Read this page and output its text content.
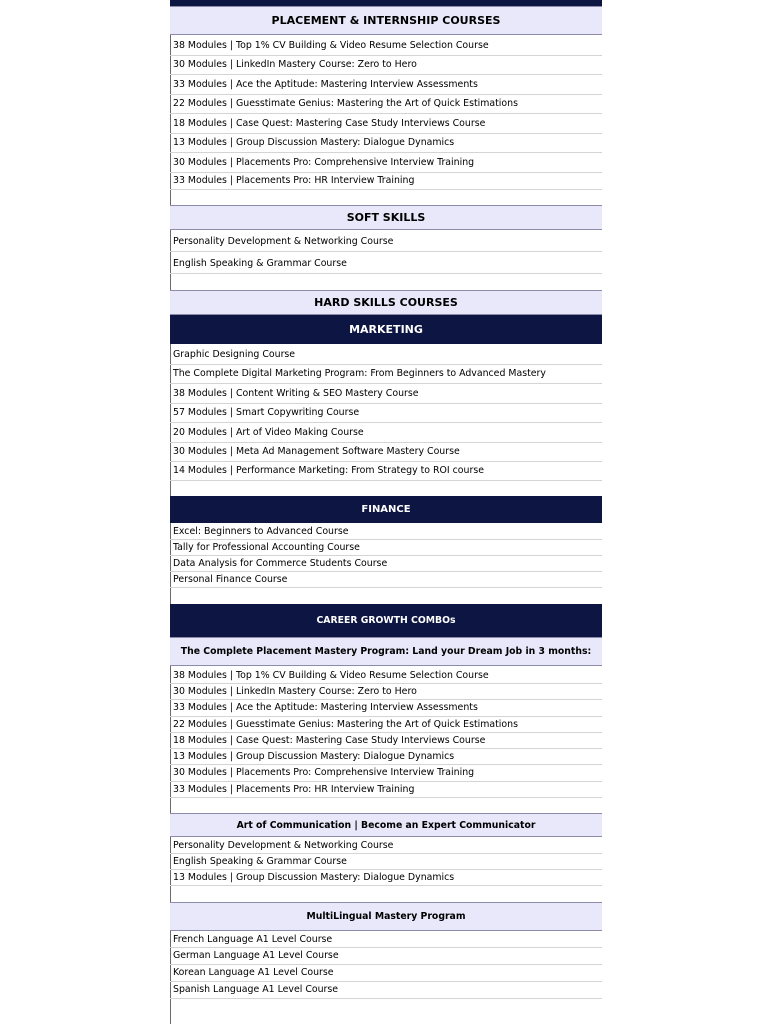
PLACEMENT & INTERNSHIP COURSES
38 Modules | Top 1% CV Building & Video Resume Selection Course
30 Modules | LinkedIn Mastery Course: Zero to Hero
33 Modules | Ace the Aptitude: Mastering Interview Assessments
22 Modules | Guesstimate Genius: Mastering the Art of Quick Estimations
18 Modules | Case Quest: Mastering Case Study Interviews Course
13 Modules | Group Discussion Mastery: Dialogue Dynamics
30 Modules | Placements Pro: Comprehensive Interview Training
33 Modules | Placements Pro: HR Interview Training
SOFT SKILLS
Personality Development & Networking Course
English Speaking & Grammar Course
HARD SKILLS COURSES
MARKETING
Graphic Designing Course
The Complete Digital Marketing Program: From Beginners to Advanced Mastery
38 Modules | Content Writing & SEO Mastery Course
57 Modules | Smart Copywriting Course
20 Modules | Art of Video Making Course
30 Modules | Meta Ad Management Software Mastery Course
14 Modules | Performance Marketing: From Strategy to ROI course
FINANCE
Excel: Beginners to Advanced Course
Tally for Professional Accounting Course
Data Analysis for Commerce Students Course
Personal Finance Course
CAREER GROWTH COMBOs
The Complete Placement Mastery Program: Land your Dream Job in 3 months:
38 Modules | Top 1% CV Building & Video Resume Selection Course
30 Modules | LinkedIn Mastery Course: Zero to Hero
33 Modules | Ace the Aptitude: Mastering Interview Assessments
22 Modules | Guesstimate Genius: Mastering the Art of Quick Estimations
18 Modules | Case Quest: Mastering Case Study Interviews Course
13 Modules | Group Discussion Mastery: Dialogue Dynamics
30 Modules | Placements Pro: Comprehensive Interview Training
33 Modules | Placements Pro: HR Interview Training
Art of Communication | Become an Expert Communicator
Personality Development & Networking Course
English Speaking & Grammar Course
13 Modules | Group Discussion Mastery: Dialogue Dynamics
MultiLingual Mastery Program
French Language A1 Level Course
German Language A1 Level Course
Korean Language A1 Level Course
Spanish Language A1 Level Course
